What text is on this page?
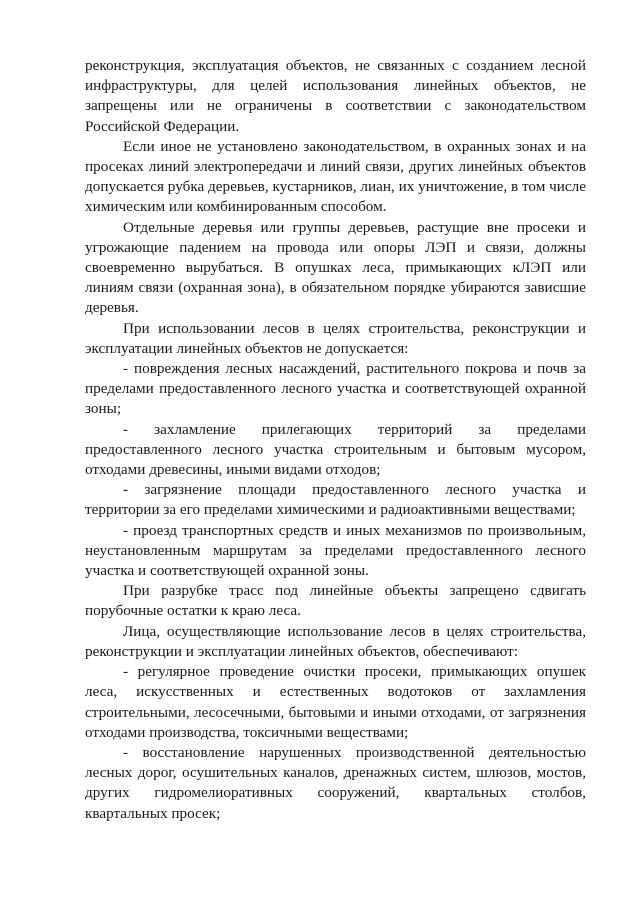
реконструкция, эксплуатация объектов, не связанных с созданием лесной инфраструктуры, для целей использования линейных объектов, не запрещены или не ограничены в соответствии с законодательством Российской Федерации.

Если иное не установлено законодательством, в охранных зонах и на просеках линий электропередачи и линий связи, других линейных объектов допускается рубка деревьев, кустарников, лиан, их уничтожение, в том числе химическим или комбинированным способом.

Отдельные деревья или группы деревьев, растущие вне просеки и угрожающие падением на провода или опоры ЛЭП и связи, должны своевременно вырубаться. В опушках леса, примыкающих кЛЭП или линиям связи (охранная зона), в обязательном порядке убираются зависшие деревья.

При использовании лесов в целях строительства, реконструкции и эксплуатации линейных объектов не допускается:

- повреждения лесных насаждений, растительного покрова и почв за пределами предоставленного лесного участка и соответствующей охранной зоны;

- захламление прилегающих территорий за пределами предоставленного лесного участка строительным и бытовым мусором, отходами древесины, иными видами отходов;

- загрязнение площади предоставленного лесного участка и территории за его пределами химическими и радиоактивными веществами;

- проезд транспортных средств и иных механизмов по произвольным, неустановленным маршрутам за пределами предоставленного лесного участка и соответствующей охранной зоны.

При разрубке трасс под линейные объекты запрещено сдвигать порубочные остатки к краю леса.

Лица, осуществляющие использование лесов в целях строительства, реконструкции и эксплуатации линейных объектов, обеспечивают:

- регулярное проведение очистки просеки, примыкающих опушек леса, искусственных и естественных водотоков от захламления строительными, лесосечными, бытовыми и иными отходами, от загрязнения отходами производства, токсичными веществами;

- восстановление нарушенных производственной деятельностью лесных дорог, осушительных каналов, дренажных систем, шлюзов, мостов, других гидромелиоративных сооружений, квартальных столбов, квартальных просек;
